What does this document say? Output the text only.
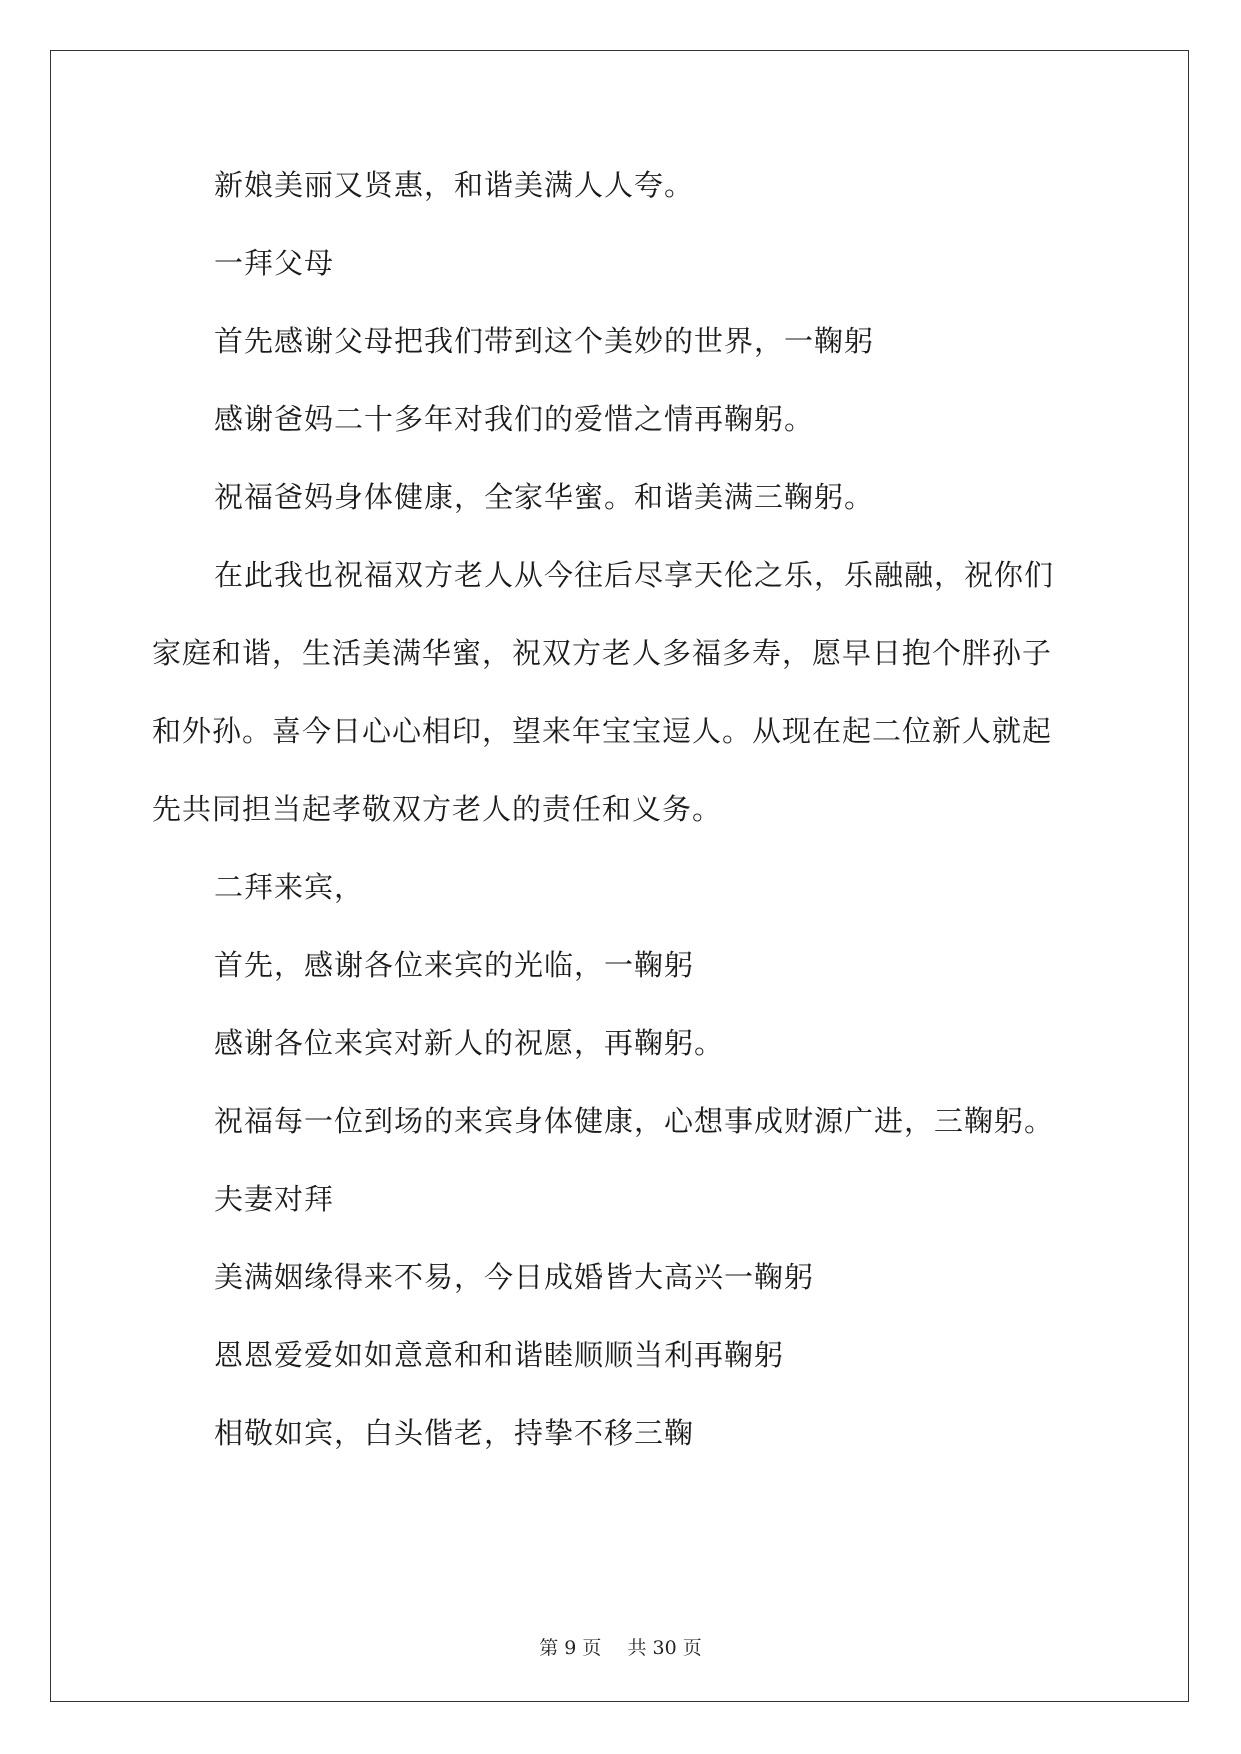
新娘美丽又贤惠，和谐美满人人夸。

一拜父母

首先感谢父母把我们带到这个美妙的世界，一鞠躬

感谢爸妈二十多年对我们的爱惜之情再鞠躬。

祝福爸妈身体健康，全家华蜜。和谐美满三鞠躬。

在此我也祝福双方老人从今往后尽享天伦之乐，乐融融，祝你们
家庭和谐，生活美满华蜜，祝双方老人多福多寿，愿早日抱个胖孙子
和外孙。喜今日心心相印，望来年宝宝逗人。从现在起二位新人就起
先共同担当起孝敬双方老人的责任和义务。
二拜来宾，
首先，感谢各位来宾的光临，一鞠躬
感谢各位来宾对新人的祝愿，再鞠躬。
祝福每一位到场的来宾身体健康，心想事成财源广进，三鞠躬。
夫妻对拜
美满姻缘得来不易，今日成婚皆大高兴一鞠躬
恩恩爱爱如如意意和和谐睦顺顺当利再鞠躬
相敬如宾，白头偕老，持挚不移三鞠
第 9 页 共 30 页
